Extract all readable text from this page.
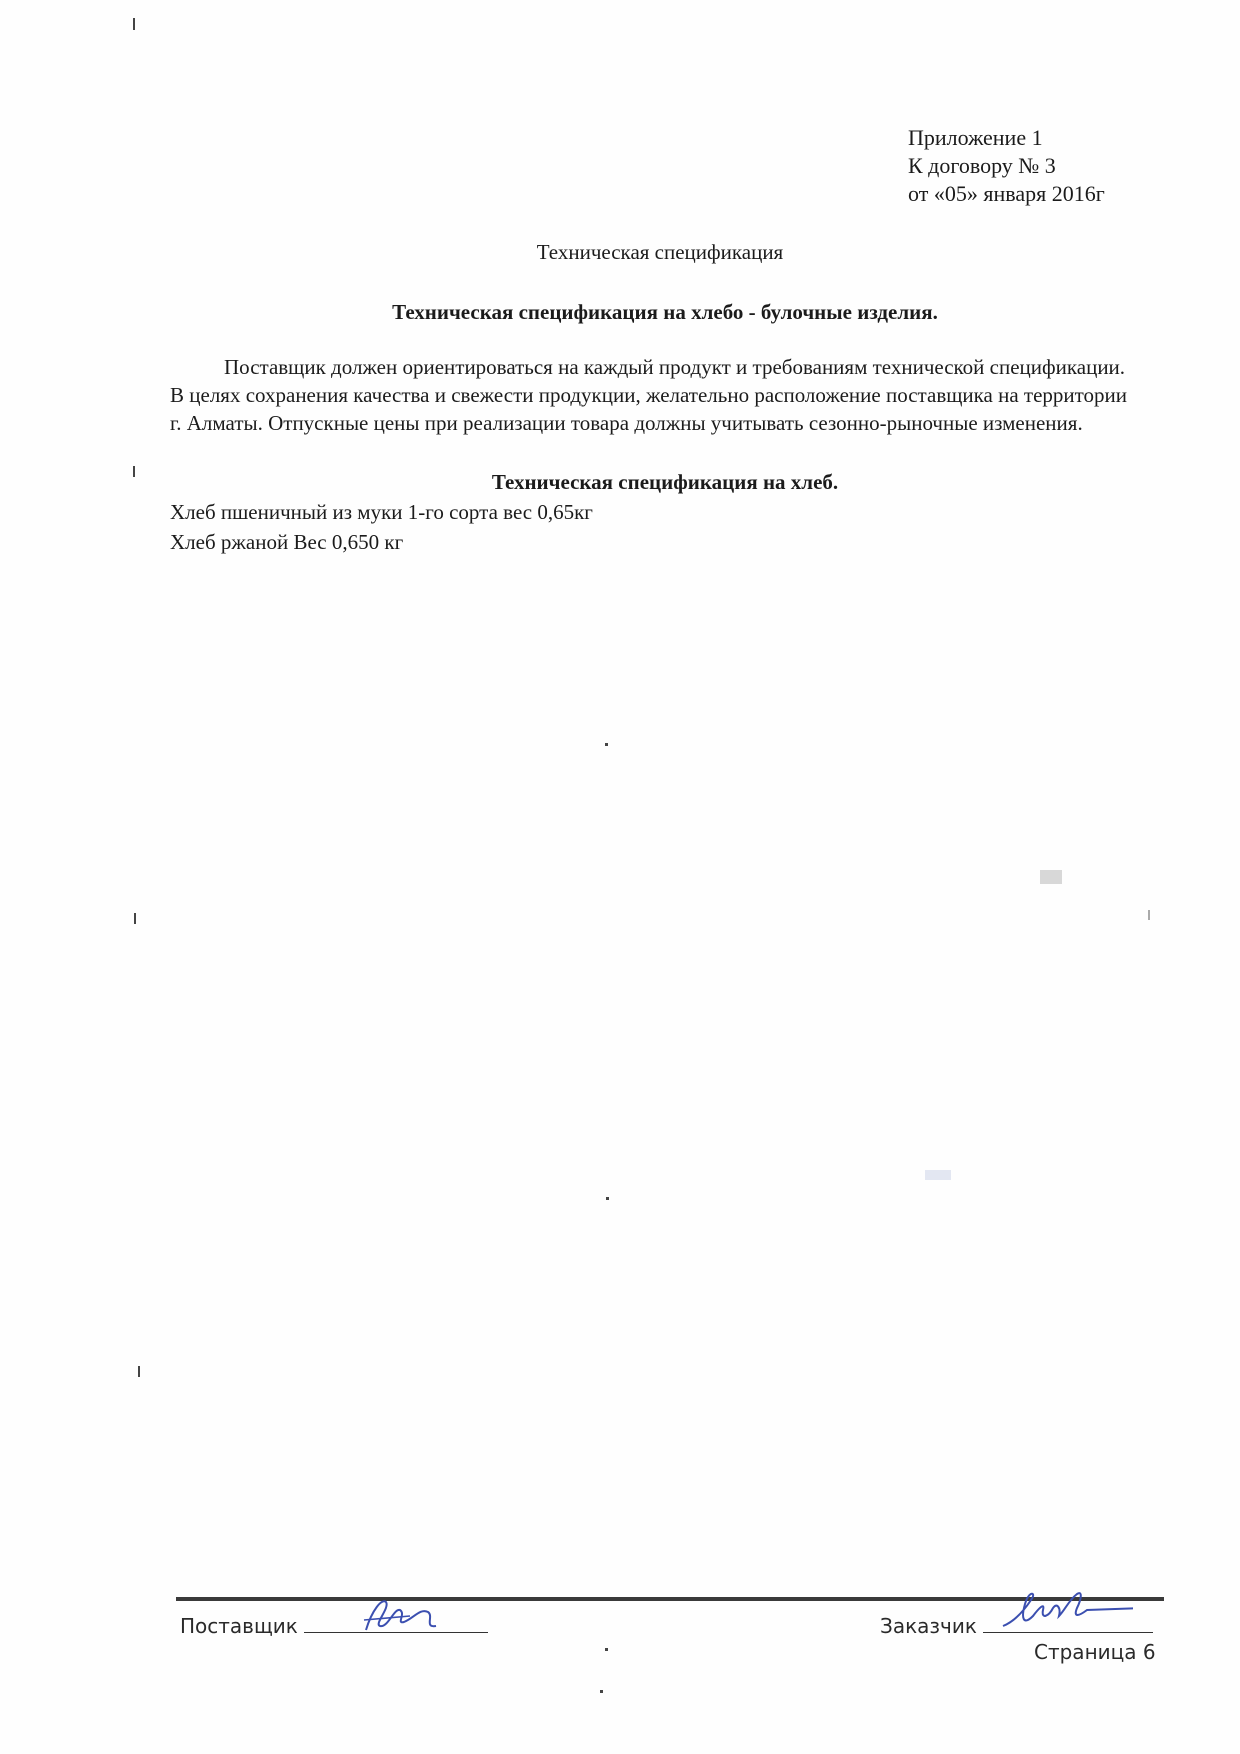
Приложение 1
К договору № 3
от «05» января 2016г
Техническая спецификация
Техническая спецификация на хлебо - булочные изделия.
Поставщик должен ориентироваться на каждый продукт и требованиям технической спецификации. В целях сохранения качества и свежести продукции, желательно расположение поставщика на территории г. Алматы. Отпускные цены при реализации товара должны учитывать сезонно-рыночные изменения.
Техническая спецификация на хлеб.
Хлеб пшеничный из муки 1-го сорта вес 0,65кг
Хлеб ржаной Вес 0,650 кг
Поставщик	Заказчик
Страница 6
